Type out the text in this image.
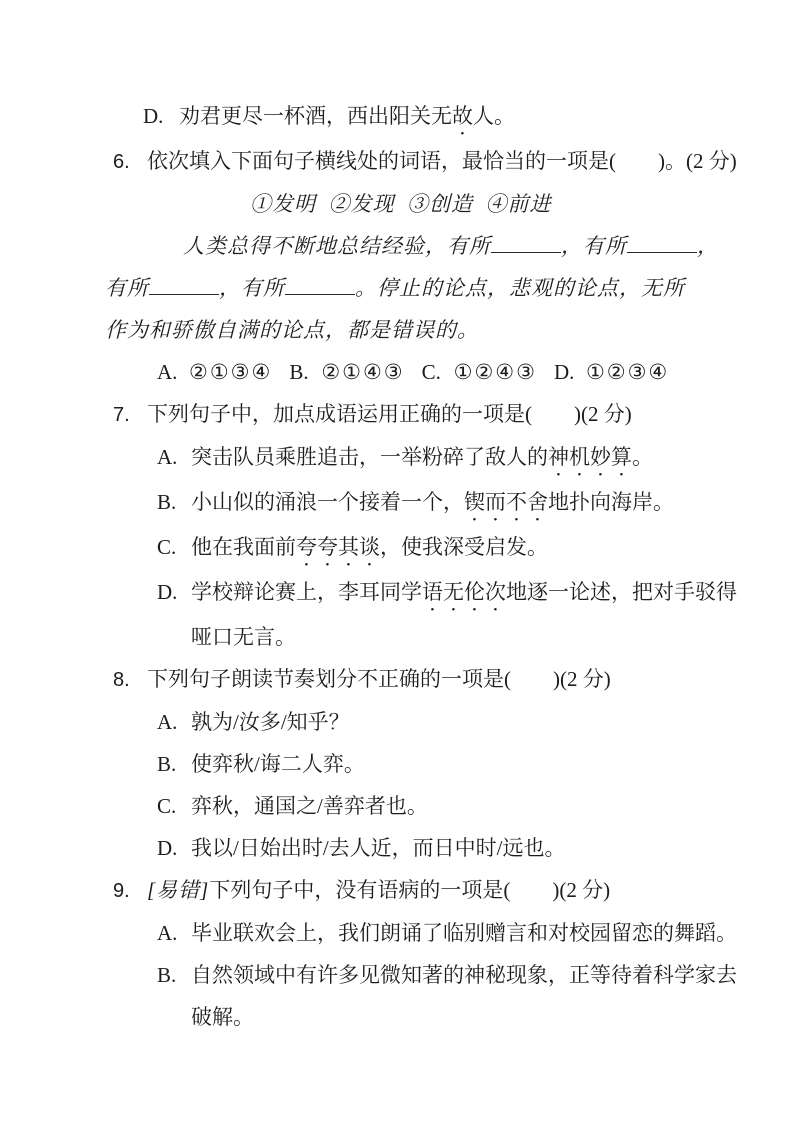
D. 劝君更尽一杯酒，西出阳关无故人。
6. 依次填入下面句子横线处的词语，最恰当的一项是(        )。(2 分)
①发明  ②发现  ③创造  ④前进
人类总得不断地总结经验，有所	，有所	，
有所	，有所	。停止的论点，悲观的论点，无所
作为和骄傲自满的论点，都是错误的。
A. ②①③④ B. ②①④③ C. ①②④③ D. ①②③④
7. 下列句子中，加点成语运用正确的一项是(        )(2 分)
A. 突击队员乘胜追击，一举粉碎了敌人的神机妙算。
B. 小山似的涌浪一个接着一个，锲而不舍地扑向海岸。
C. 他在我面前夸夸其谈，使我深受启发。
D. 学校辩论赛上，李耳同学语无伦次地逐一论述，把对手驳得
哑口无言。
8. 下列句子朗读节奏划分不正确的一项是(        )(2 分)
A. 孰为/汝多/知乎？
B. 使弈秋/诲二人弈。
C. 弈秋，通国之/善弈者也。
D. 我以/日始出时/去人近，而日中时/远也。
9. [易错]下列句子中，没有语病的一项是(        )(2 分)
A. 毕业联欢会上，我们朗诵了临别赠言和对校园留恋的舞蹈。
B. 自然领域中有许多见微知著的神秘现象，正等待着科学家去
破解。
